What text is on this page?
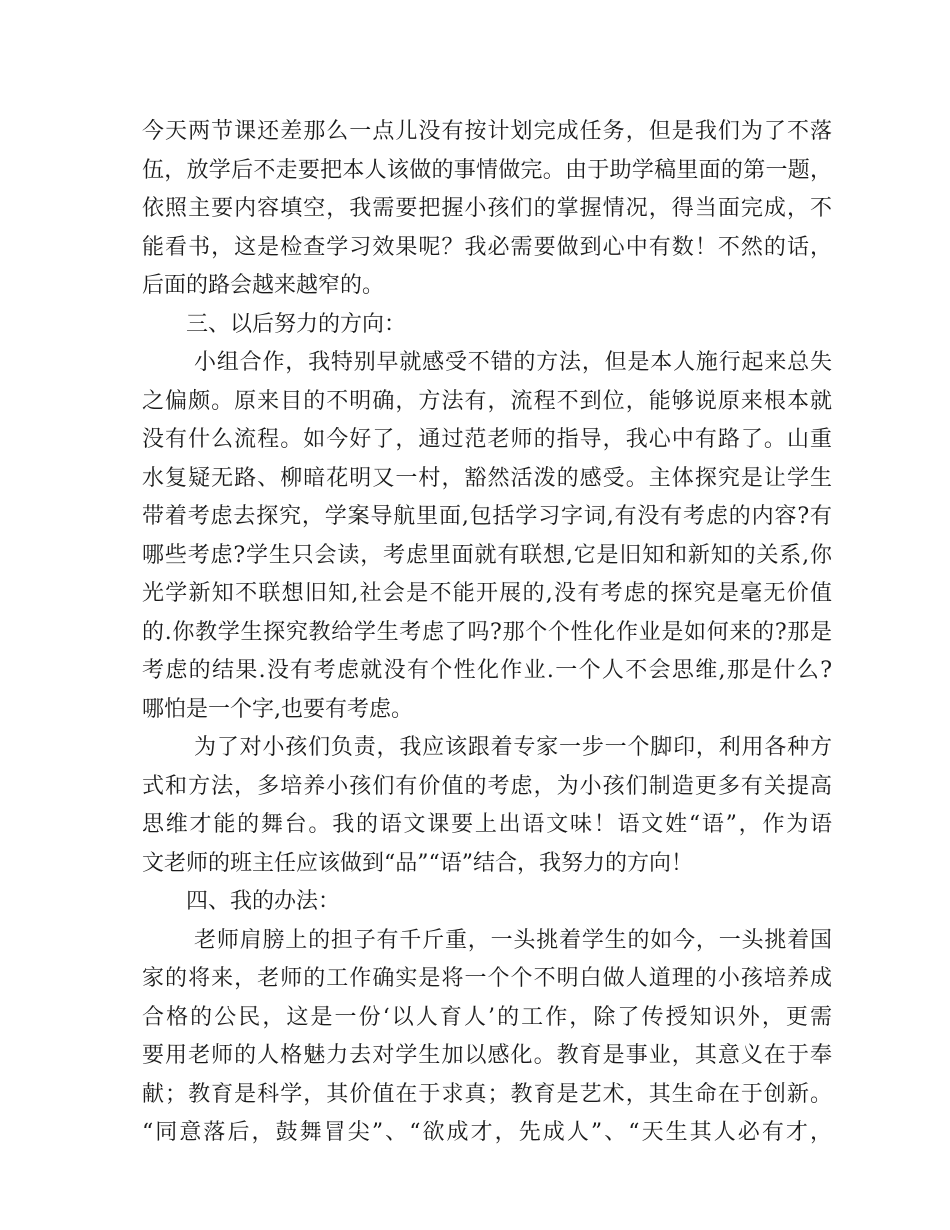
今天两节课还差那么一点儿没有按计划完成任务，但是我们为了不落
伍，放学后不走要把本人该做的事情做完。由于助学稿里面的第一题，
依照主要内容填空，我需要把握小孩们的掌握情况，得当面完成，不
能看书，这是检查学习效果呢？我必需要做到心中有数！不然的话，
后面的路会越来越窄的。
三、以后努力的方向：
小组合作，我特别早就感受不错的方法，但是本人施行起来总失
之偏颇。原来目的不明确，方法有，流程不到位，能够说原来根本就
没有什么流程。如今好了，通过范老师的指导，我心中有路了。山重
水复疑无路、柳暗花明又一村，豁然活泼的感受。主体探究是让学生
带着考虑去探究，学案导航里面,包括学习字词,有没有考虑的内容?有
哪些考虑?学生只会读，考虑里面就有联想,它是旧知和新知的关系,你
光学新知不联想旧知,社会是不能开展的,没有考虑的探究是毫无价值
的.你教学生探究教给学生考虑了吗?那个个性化作业是如何来的?那是
考虑的结果.没有考虑就没有个性化作业.一个人不会思维,那是什么?
哪怕是一个字,也要有考虑。
为了对小孩们负责，我应该跟着专家一步一个脚印，利用各种方
式和方法，多培养小孩们有价值的考虑，为小孩们制造更多有关提高
思维才能的舞台。我的语文课要上出语文味！语文姓“语”，作为语
文老师的班主任应该做到“品”“语”结合，我努力的方向！
四、我的办法：
老师肩膀上的担子有千斤重，一头挑着学生的如今，一头挑着国
家的将来，老师的工作确实是将一个个不明白做人道理的小孩培养成
合格的公民，这是一份‘以人育人’的工作，除了传授知识外，更需
要用老师的人格魅力去对学生加以感化。教育是事业，其意义在于奉
献；教育是科学，其价值在于求真；教育是艺术，其生命在于创新。
“同意落后，鼓舞冒尖”、“欲成才，先成人”、“天生其人必有才，
